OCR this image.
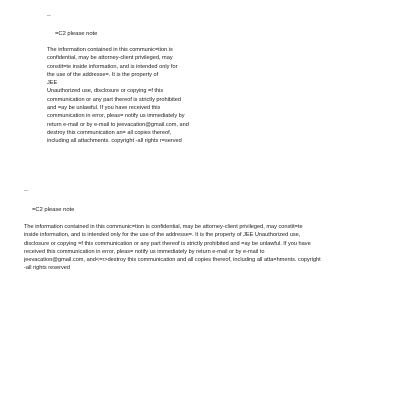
--
=C2 please note
The information contained in this communic=tion is
confidential, may be attorney-client privileged, may
constit=te inside information, and is intended only for
the use of the addresse=. It is the property of
JEE
Unauthorized use, disclosure or copying =f this
communication or any part thereof is strictly prohibited
and =ay be unlawful. If you have received this
communication in error, pleas= notify us immediately by
return e-mail or by e-mail to jeevacation@gmail.com, and
destroy this communication an= all copies thereof,
including all attachments. copyright -all rights r=served
--
=C2 please note
The information contained in this communic=tion is confidential, may be attorney-client privileged, may constit=te
inside information, and is intended only for the use of the addresse=. It is the property of JEE Unauthorized use,
disclosure or copying =f this communication or any part thereof is strictly prohibited and =ay be unlawful. If you have
received this communication in error, pleas= notify us immediately by return e-mail or by e-mail to
jeevacation@gmail.com, and<=r>destroy this communication and all copies thereof, including all atta=hments. copyright
-all rights reserved
